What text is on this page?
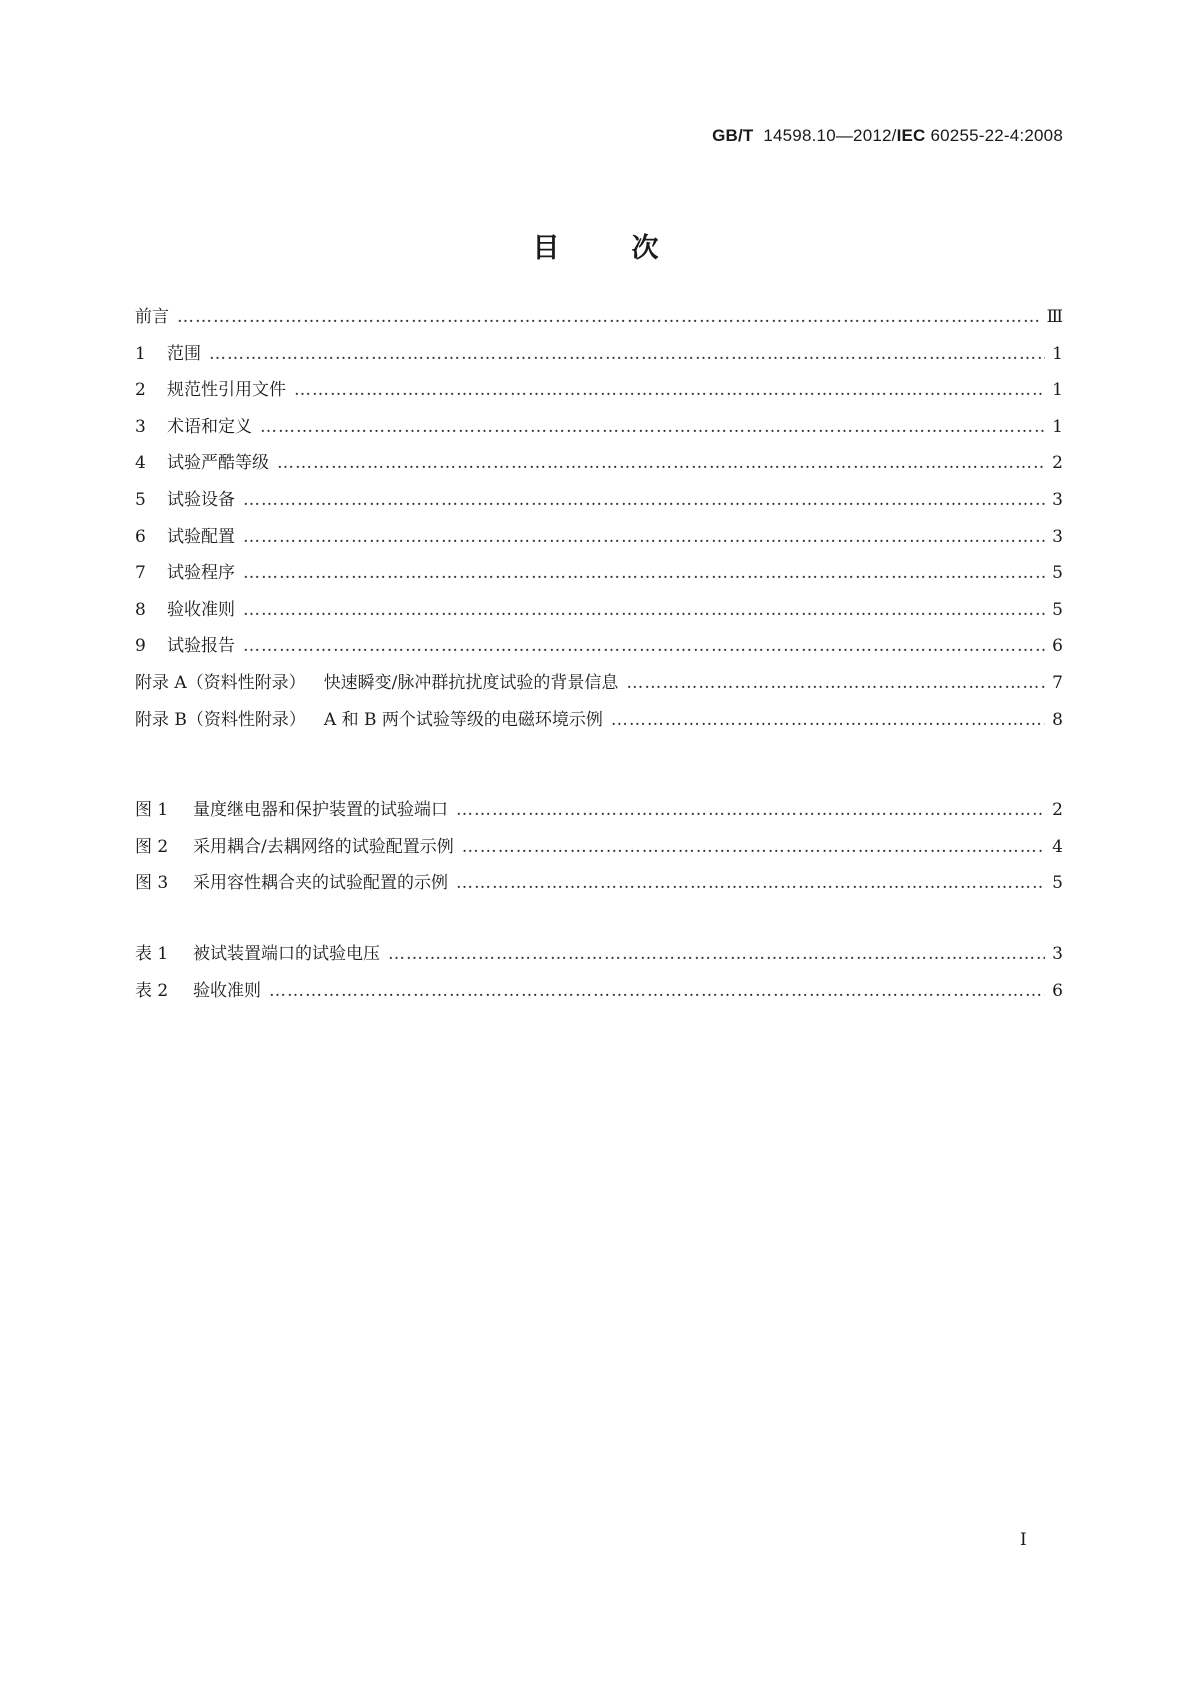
GB/T 14598.10—2012/IEC 60255-22-4:2008
目	次
前言 ……………………………………………………………………………………………………………………………………………………………………	Ⅲ
1	范围 ……………………………………………………………………………………………………………………………………………………………………	1
2	规范性引用文件 ……………………………………………………………………………………………………………………………………………………………………	1
3	术语和定义 ……………………………………………………………………………………………………………………………………………………………………	1
4	试验严酷等级 ……………………………………………………………………………………………………………………………………………………………………	2
5	试验设备 ……………………………………………………………………………………………………………………………………………………………………	3
6	试验配置 ……………………………………………………………………………………………………………………………………………………………………	3
7	试验程序 ……………………………………………………………………………………………………………………………………………………………………	5
8	验收准则 ……………………………………………………………………………………………………………………………………………………………………	5
9	试验报告 ……………………………………………………………………………………………………………………………………………………………………	6
附录 A（资料性附录）	快速瞬变/脉冲群抗扰度试验的背景信息 ……………………………………………………………………………………………………………………………………………………………………	7
附录 B（资料性附录）	A 和 B 两个试验等级的电磁环境示例 ……………………………………………………………………………………………………………………………………………………………………	8
图 1	量度继电器和保护装置的试验端口 ……………………………………………………………………………………………………………………………………………………………………	2
图 2	采用耦合/去耦网络的试验配置示例 ……………………………………………………………………………………………………………………………………………………………………	4
图 3	采用容性耦合夹的试验配置的示例 ……………………………………………………………………………………………………………………………………………………………………	5
表 1	被试装置端口的试验电压 ……………………………………………………………………………………………………………………………………………………………………	3
表 2	验收准则 ……………………………………………………………………………………………………………………………………………………………………	6
I
